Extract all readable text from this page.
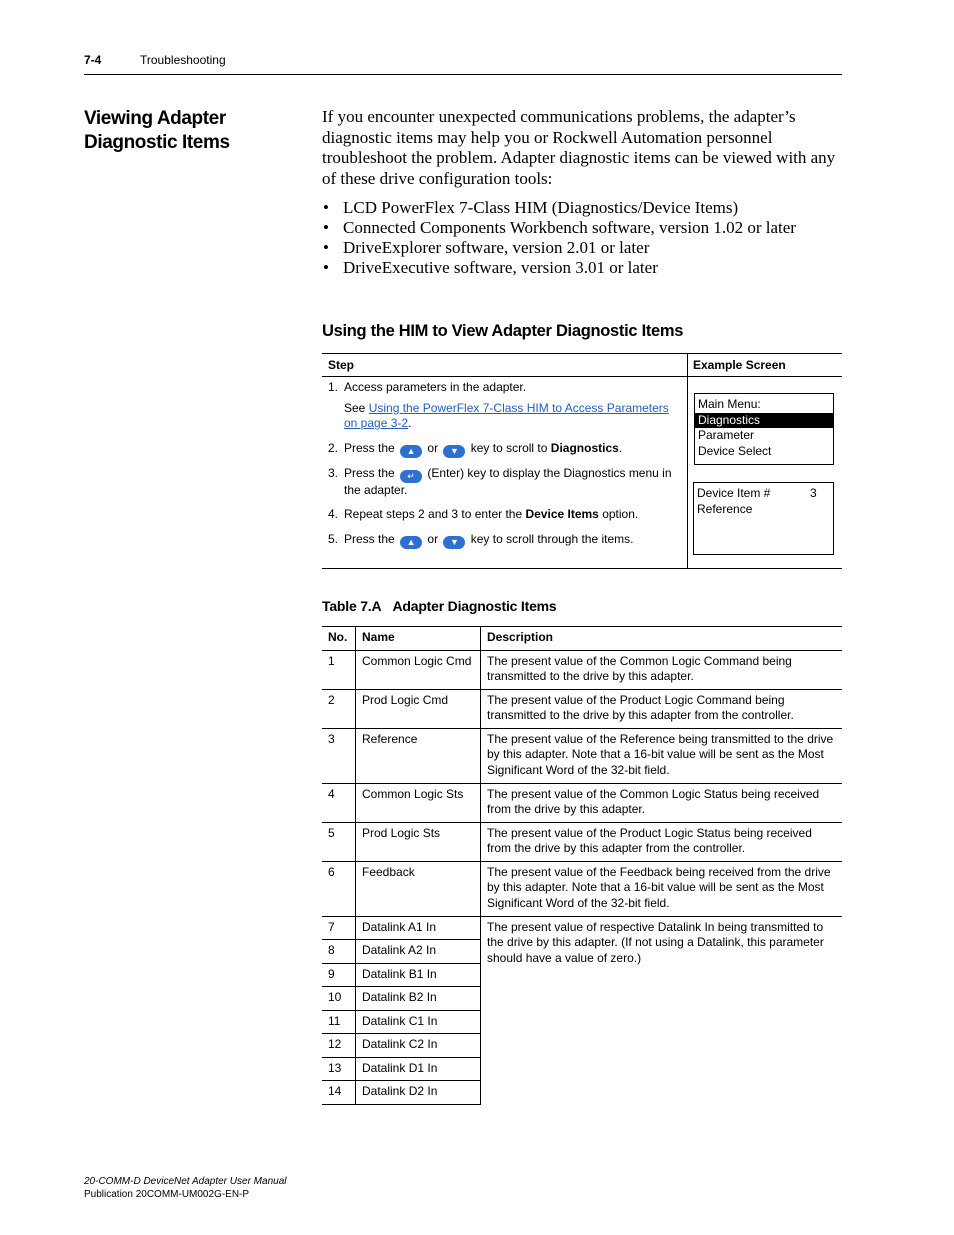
7-4	Troubleshooting
Viewing Adapter Diagnostic Items

If you encounter unexpected communications problems, the adapter’s diagnostic items may help you or Rockwell Automation personnel troubleshoot the problem. Adapter diagnostic items can be viewed with any of these drive configuration tools:

• LCD PowerFlex 7-Class HIM (Diagnostics/Device Items)
• Connected Components Workbench software, version 1.02 or later
• DriveExplorer software, version 2.01 or later
• DriveExecutive software, version 3.01 or later
Using the HIM to View Adapter Diagnostic Items
Step	Example Screen
1. Access parameters in the adapter.
See Using the PowerFlex 7-Class HIM to Access Parameters on page 3-2.
2. Press the ▲ or ▼ key to scroll to Diagnostics.
3. Press the ↵ (Enter) key to display the Diagnostics menu in the adapter.
4. Repeat steps 2 and 3 to enter the Device Items option.
5. Press the ▲ or ▼ key to scroll through the items.
Main Menu:
Diagnostics
Parameter
Device Select
Device Item #	3
Reference
Table 7.A Adapter Diagnostic Items
No.	Name	Description
1	Common Logic Cmd	The present value of the Common Logic Command being transmitted to the drive by this adapter.
2	Prod Logic Cmd	The present value of the Product Logic Command being transmitted to the drive by this adapter from the controller.
3	Reference	The present value of the Reference being transmitted to the drive by this adapter. Note that a 16-bit value will be sent as the Most Significant Word of the 32-bit field.
4	Common Logic Sts	The present value of the Common Logic Status being received from the drive by this adapter.
5	Prod Logic Sts	The present value of the Product Logic Status being received from the drive by this adapter from the controller.
6	Feedback	The present value of the Feedback being received from the drive by this adapter. Note that a 16-bit value will be sent as the Most Significant Word of the 32-bit field.
7	Datalink A1 In	The present value of respective Datalink In being transmitted to the drive by this adapter. (If not using a Datalink, this parameter should have a value of zero.)
8	Datalink A2 In	
9	Datalink B1 In	
10	Datalink B2 In	
11	Datalink C1 In	
12	Datalink C2 In	
13	Datalink D1 In	
14	Datalink D2 In	
20-COMM-D DeviceNet Adapter User Manual
Publication 20COMM-UM002G-EN-P
